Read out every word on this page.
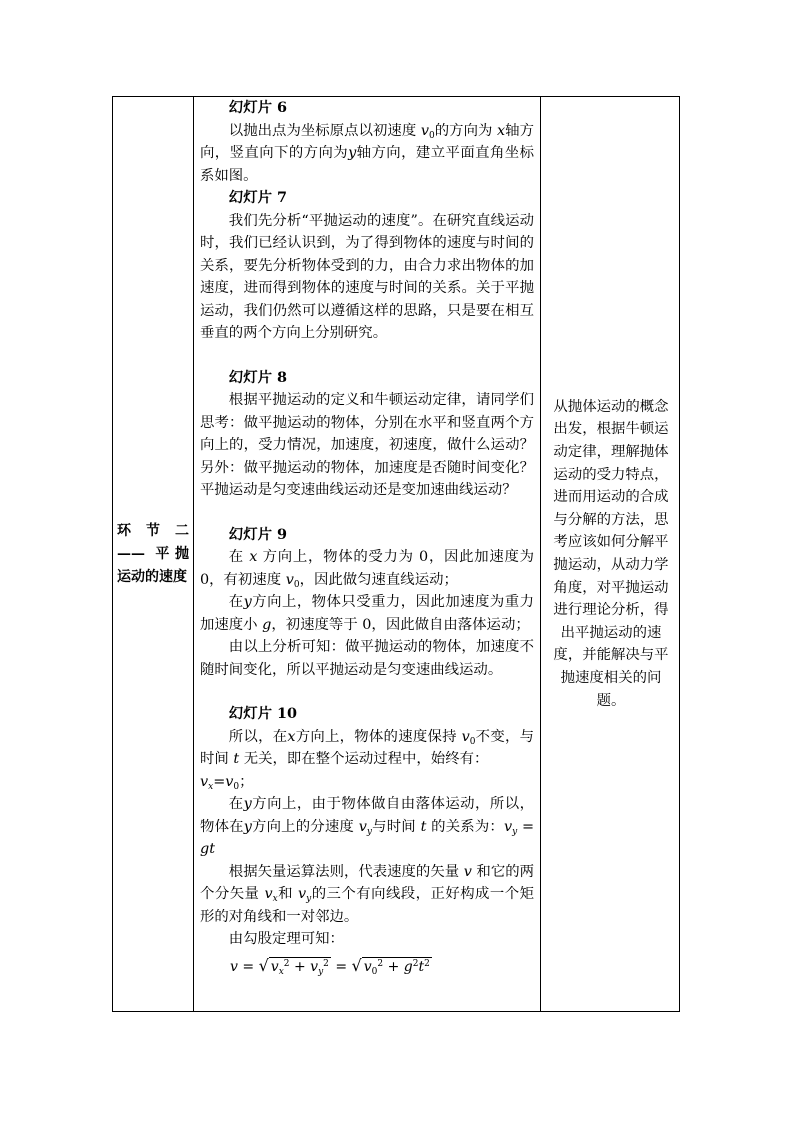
环 节 二—— 平抛运动的速度

幻灯片 6

以抛出点为坐标原点以初速度 $v_0$的方向为 x轴方向，竖直向下的方向为y轴方向，建立平面直角坐标系如图。

幻灯片 7

我们先分析“平抛运动的速度”。在研究直线运动时，我们已经认识到，为了得到物体的速度与时间的关系，要先分析物体受到的力，由合力求出物体的加速度，进而得到物体的速度与时间的关系。关于平抛运动，我们仍然可以遵循这样的思路，只是要在相互垂直的两个方向上分别研究。

幻灯片 8

根据平抛运动的定义和牛顿运动定律，请同学们思考：做平抛运动的物体，分别在水平和竖直两个方向上的，受力情况，加速度，初速度，做什么运动？另外：做平抛运动的物体，加速度是否随时间变化？平抛运动是匀变速曲线运动还是变加速曲线运动？

幻灯片 9

在 x 方向上，物体的受力为 0，因此加速度为 0，有初速度 $v_0$，因此做匀速直线运动；

在y方向上，物体只受重力，因此加速度为重力加速度小 g，初速度等于 0，因此做自由落体运动；

由以上分析可知：做平抛运动的物体，加速度不随时间变化，所以平抛运动是匀变速曲线运动。

幻灯片 10

所以，在x方向上，物体的速度保持 $v_0$不变，与时间 t 无关，即在整个运动过程中，始终有：

$v_x=v_0$；

在y方向上，由于物体做自由落体运动，所以，物体在y方向上的分速度 $v_y$与时间 t 的关系为：$v_y$ = gt

根据矢量运算法则，代表速度的矢量 v 和它的两个分矢量 $v_x$和 $v_y$的三个有向线段，正好构成一个矩形的对角线和一对邻边。

由勾股定理可知：

v = √ $v_x^2 + v_y^2$ = √ $v_0^2 + g^2t^2$
从抛体运动的概念出发，根据牛顿运动定律，理解抛体运动的受力特点，进而用运动的合成与分解的方法，思考应该如何分解平抛运动，从动力学角度，对平抛运动进行理论分析，得出平抛运动的速度，并能解决与平抛速度相关的问题。
